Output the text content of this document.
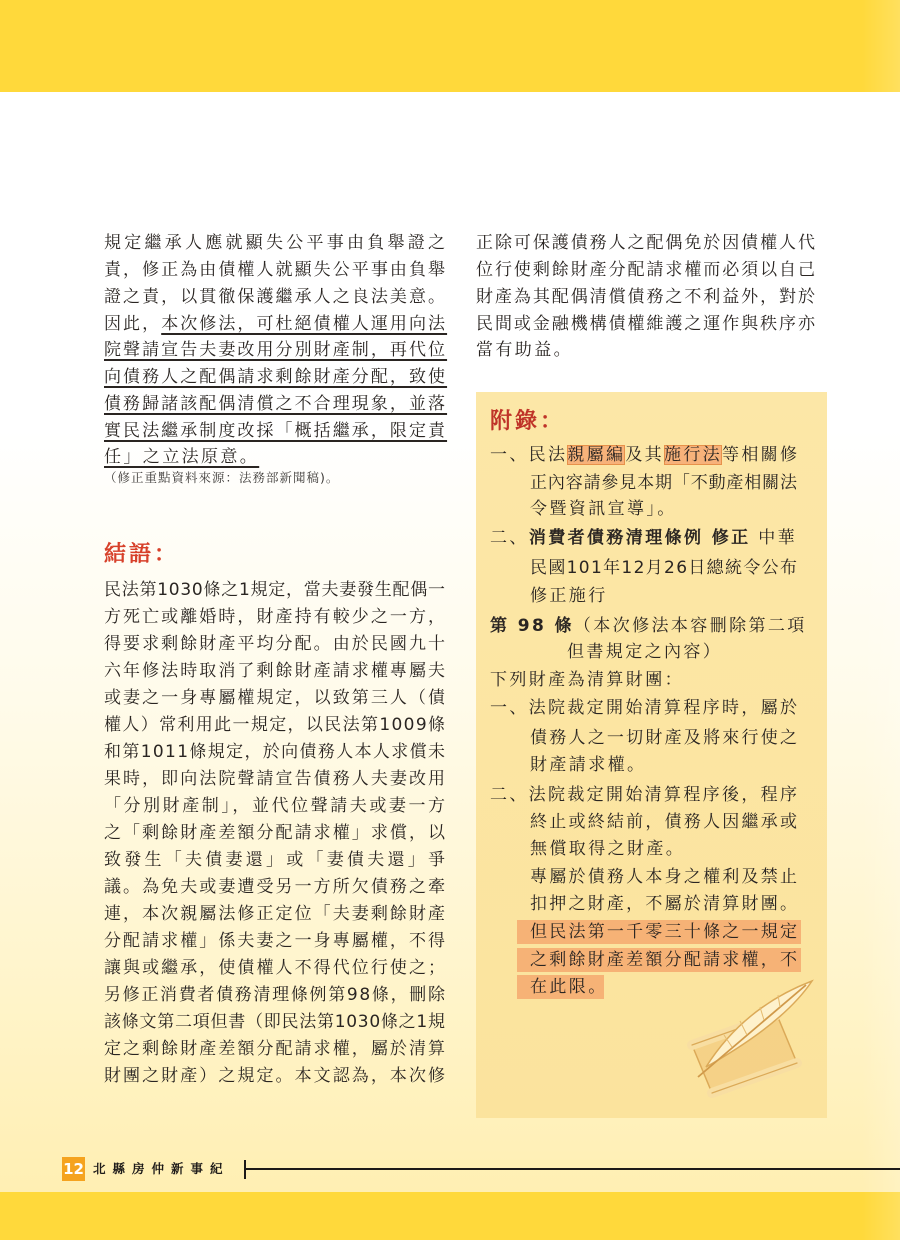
規定繼承人應就顯失公平事由負舉證之
責，修正為由債權人就顯失公平事由負舉
證之責，以貫徹保護繼承人之良法美意。
因此，本次修法，可杜絕債權人運用向法
院聲請宣告夫妻改用分別財產制，再代位
向債務人之配偶請求剩餘財產分配，致使
債務歸諸該配偶清償之不合理現象，並落
實民法繼承制度改採「概括繼承，限定責
任」之立法原意。
（修正重點資料來源：法務部新聞稿)。
結語：
民法第1030條之1規定，當夫妻發生配偶一
方死亡或離婚時，財產持有較少之一方，
得要求剩餘財產平均分配。由於民國九十
六年修法時取消了剩餘財產請求權專屬夫
或妻之一身專屬權規定，以致第三人（債
權人）常利用此一規定，以民法第1009條
和第1011條規定，於向債務人本人求償未
果時，即向法院聲請宣告債務人夫妻改用
「分別財產制」，並代位聲請夫或妻一方
之「剩餘財產差額分配請求權」求償，以
致發生「夫債妻還」或「妻債夫還」爭
議。為免夫或妻遭受另一方所欠債務之牽
連，本次親屬法修正定位「夫妻剩餘財產
分配請求權」係夫妻之一身專屬權，不得
讓與或繼承，使債權人不得代位行使之；
另修正消費者債務清理條例第98條，刪除
該條文第二項但書（即民法第1030條之1規
定之剩餘財產差額分配請求權，屬於清算
財團之財產）之規定。本文認為，本次修
正除可保護債務人之配偶免於因債權人代
位行使剩餘財產分配請求權而必須以自己
財產為其配偶清償債務之不利益外，對於
民間或金融機構債權維護之運作與秩序亦
當有助益。
附錄：
一、民法親屬編及其施行法等相關修
正內容請參見本期「不動產相關法
令暨資訊宣導」。
二、消費者債務清理條例 修正 中華
民國101年12月26日總統令公布
修正施行
第 98 條 （本次修法本容刪除第二項
但書規定之內容）
下列財產為清算財團：
一、法院裁定開始清算程序時，屬於
債務人之一切財產及將來行使之
財產請求權。
二、法院裁定開始清算程序後，程序
終止或終結前，債務人因繼承或
無償取得之財產。
專屬於債務人本身之權利及禁止
扣押之財產，不屬於清算財團。
但民法第一千零三十條之一規定
之剩餘財產差額分配請求權，不
在此限。
12 北縣房仲新事紀
